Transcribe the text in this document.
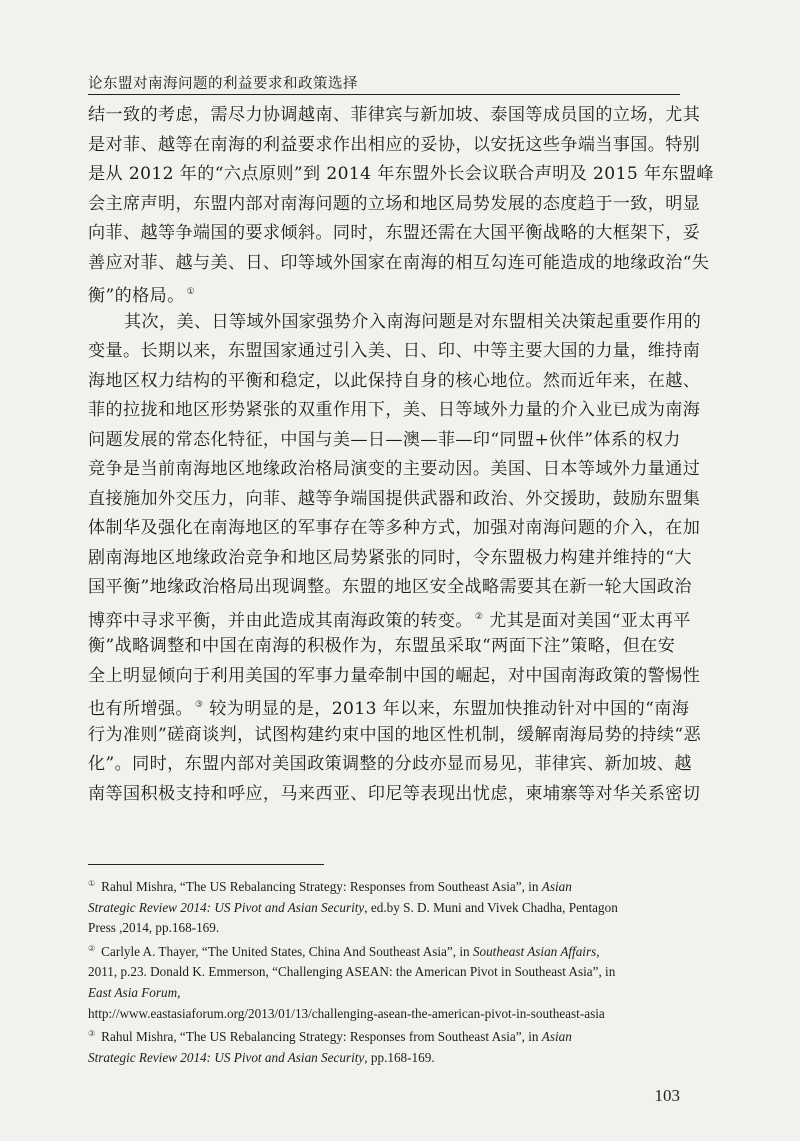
论东盟对南海问题的利益要求和政策选择
结一致的考虑，需尽力协调越南、菲律宾与新加坡、泰国等成员国的立场，尤其
是对菲、越等在南海的利益要求作出相应的妥协，以安抚这些争端当事国。特别
是从 2012 年的“六点原则”到 2014 年东盟外长会议联合声明及 2015 年东盟峰
会主席声明，东盟内部对南海问题的立场和地区局势发展的态度趋于一致，明显
向菲、越等争端国的要求倾斜。同时，东盟还需在大国平衡战略的大框架下，妥
善应对菲、越与美、日、印等域外国家在南海的相互勾连可能造成的地缘政治“失
衡”的格局。 ①
其次，美、日等域外国家强势介入南海问题是对东盟相关决策起重要作用的
变量。长期以来，东盟国家通过引入美、日、印、中等主要大国的力量，维持南
海地区权力结构的平衡和稳定，以此保持自身的核心地位。然而近年来，在越、
菲的拉拢和地区形势紧张的双重作用下，美、日等域外力量的介入业已成为南海
问题发展的常态化特征，中国与美—日—澳—菲—印“同盟+伙伴”体系的权力
竞争是当前南海地区地缘政治格局演变的主要动因。美国、日本等域外力量通过
直接施加外交压力，向菲、越等争端国提供武器和政治、外交援助，鼓励东盟集
体制华及强化在南海地区的军事存在等多种方式，加强对南海问题的介入，在加
剧南海地区地缘政治竞争和地区局势紧张的同时，令东盟极力构建并维持的“大
国平衡”地缘政治格局出现调整。东盟的地区安全战略需要其在新一轮大国政治
博弈中寻求平衡，并由此造成其南海政策的转变。 ② 尤其是面对美国“亚太再平
衡”战略调整和中国在南海的积极作为，东盟虽采取“两面下注”策略，但在安
全上明显倾向于利用美国的军事力量牵制中国的崛起，对中国南海政策的警惕性
也有所增强。 ③ 较为明显的是，2013 年以来，东盟加快推动针对中国的“南海
行为准则”磋商谈判，试图构建约束中国的地区性机制，缓解南海局势的持续“恶
化”。同时，东盟内部对美国政策调整的分歧亦显而易见，菲律宾、新加坡、越
南等国积极支持和呼应，马来西亚、印尼等表现出忧虑，柬埔寨等对华关系密切
① Rahul Mishra, “The US Rebalancing Strategy: Responses from Southeast Asia”, in Asian
Strategic Review 2014: US Pivot and Asian Security, ed.by S. D. Muni and Vivek Chadha, Pentagon
Press ,2014, pp.168-169.
② Carlyle A. Thayer, “The United States, China And Southeast Asia”, in Southeast Asian Affairs,
2011, p.23. Donald K. Emmerson, “Challenging ASEAN: the American Pivot in Southeast Asia”, in
East Asia Forum,
http://www.eastasiaforum.org/2013/01/13/challenging-asean-the-american-pivot-in-southeast-asia
③ Rahul Mishra, “The US Rebalancing Strategy: Responses from Southeast Asia”, in Asian
Strategic Review 2014: US Pivot and Asian Security, pp.168-169.
103
